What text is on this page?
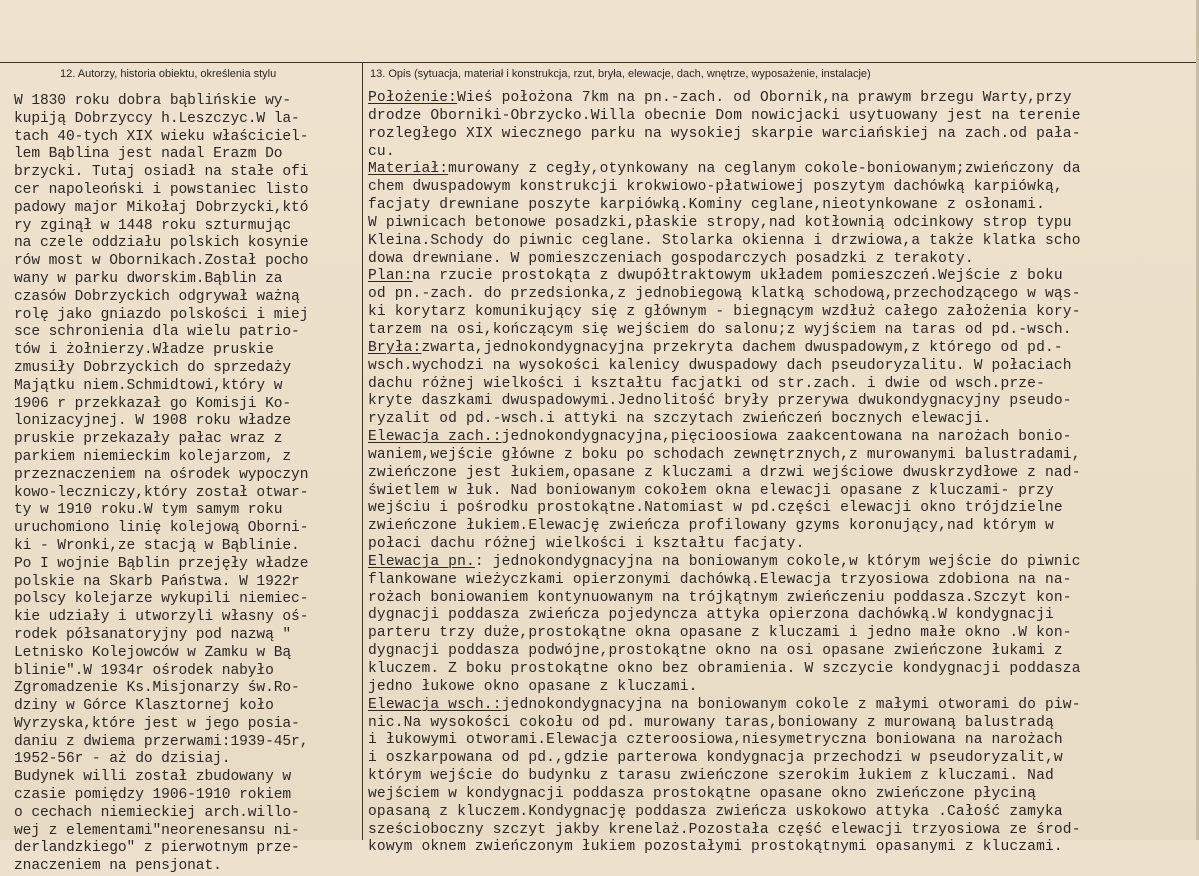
12. Autorzy, historia obiektu, określenia stylu	13. Opis (sytuacja, materiał i konstrukcja, rzut, bryła, elewacje, dach, wnętrze, wyposażenie, instalacje)
W 1830 roku dobra bąblińskie wy-
kupiją Dobrzyccy h.Leszczyc.W la-
tach 40-tych XIX wieku właściciel-
lem Bąblina jest nadal Erazm Do
brzycki. Tutaj osiadł na stałe ofi
cer napoleoński i powstaniec listo
padowy major Mikołaj Dobrzycki,któ
ry zginął w 1448 roku szturmując
na czele oddziału polskich kosynie
rów most w Obornikach.Został pocho
wany w parku dworskim.Bąblin za
czasów Dobrzyckich odgrywał ważną
rolę jako gniazdo polskości i miej
sce schronienia dla wielu patrio-
tów i żołnierzy.Władze pruskie
zmusiły Dobrzyckich do sprzedaży
Majątku niem.Schmidtowi,który w
1906 r przekkazał go Komisji Ko-
lonizacyjnej. W 1908 roku władze
pruskie przekazały pałac wraz z
parkiem niemieckim kolejarzom, z
przeznaczeniem na ośrodek wypoczyn
kowo-leczniczy,który został otwar-
ty w 1910 roku.W tym samym roku
uruchomiono linię kolejową Oborni-
ki - Wronki,ze stacją w Bąblinie.
Po I wojnie Bąblin przejęły władze
polskie na Skarb Państwa. W 1922r
polscy kolejarze wykupili niemiec-
kie udziały i utworzyli własny oś-
rodek półsanatoryjny pod nazwą "
Letnisko Kolejowców w Zamku w Bą
blinie".W 1934r ośrodek nabyło
Zgromadzenie Ks.Misjonarzy św.Ro-
dziny w Górce Klasztornej koło
Wyrzyska,które jest w jego posia-
daniu z dwiema przerwami:1939-45r,
1952-56r - aż do dzisiaj.
Budynek willi został zbudowany w
czasie pomiędzy 1906-1910 rokiem
o cechach niemieckiej arch.willo-
wej z elementami"neorenesansu ni-
derlandzkiego" z pierwotnym prze-
znaczeniem na pensjonat.
Położenie:Wieś położona 7km na pn.-zach. od Obornik,na prawym brzegu Warty,przy
drodze Oborniki-Obrzycko.Willa obecnie Dom nowicjacki usytuowany jest na terenie
rozległego XIX wiecznego parku na wysokiej skarpie warciańskiej na zach.od pała-
cu.
Materiał:murowany z cegły,otynkowany na ceglanym cokole-boniowanym;zwieńczony da
chem dwuspadowym konstrukcji krokwiowo-płatwiowej poszytym dachówką karpiówką,
facjaty drewniane poszyte karpiówką.Kominy ceglane,nieotynkowane z osłonami.
W piwnicach betonowe posadzki,płaskie stropy,nad kotłownią odcinkowy strop typu
Kleina.Schody do piwnic ceglane. Stolarka okienna i drzwiowa,a także klatka scho
dowa drewniane. W pomieszczeniach gospodarczych posadzki z terakoty.
Plan:na rzucie prostokąta z dwupółtraktowym układem pomieszczeń.Wejście z boku
od pn.-zach. do przedsionka,z jednobiegową klatką schodową,przechodzącego w wąs-
ki korytarz komunikujący się z głównym - biegnącym wzdłuż całego założenia kory-
tarzem na osi,kończącym się wejściem do salonu;z wyjściem na taras od pd.-wsch.
Bryła:zwarta,jednokondygnacyjna przekryta dachem dwuspadowym,z którego od pd.-
wsch.wychodzi na wysokości kalenicy dwuspadowy dach pseudoryzalitu. W połaciach
dachu różnej wielkości i kształtu facjatki od str.zach. i dwie od wsch.prze-
kryte daszkami dwuspadowymi.Jednolitość bryły przerywa dwukondygnacyjny pseudo-
ryzalit od pd.-wsch.i attyki na szczytach zwieńczeń bocznych elewacji.
Elewacja zach.:jednokondygnacyjna,pięcioosiowa zaakcentowana na narożach bonio-
waniem,wejście główne z boku po schodach zewnętrznych,z murowanymi balustradami,
zwieńczone jest łukiem,opasane z kluczami a drzwi wejściowe dwuskrzydłowe z nad-
świetlem w łuk. Nad boniowanym cokołem okna elewacji opasane z kluczami- przy
wejściu i pośrodku prostokątne.Natomiast w pd.części elewacji okno trójdzielne
zwieńczone łukiem.Elewację zwieńcza profilowany gzyms koronujący,nad którym w
połaci dachu różnej wielkości i kształtu facjaty.
Elewacja pn.: jednokondygnacyjna na boniowanym cokole,w którym wejście do piwnic
flankowane wieżyczkami opierzonymi dachówką.Elewacja trzyosiowa zdobiona na na-
rożach boniowaniem kontynuowanym na trójkątnym zwieńczeniu poddasza.Szczyt kon-
dygnacji poddasza zwieńcza pojedyncza attyka opierzona dachówką.W kondygnacji
parteru trzy duże,prostokątne okna opasane z kluczami i jedno małe okno .W kon-
dygnacji poddasza podwójne,prostokątne okno na osi opasane zwieńczone łukami z
kluczem. Z boku prostokątne okno bez obramienia. W szczycie kondygnacji poddasza
jedno łukowe okno opasane z kluczami.
Elewacja wsch.:jednokondygnacyjna na boniowanym cokole z małymi otworami do piw-
nic.Na wysokości cokołu od pd. murowany taras,boniowany z murowaną balustradą
i łukowymi otworami.Elewacja czteroosiowa,niesymetryczna boniowana na narożach
i oszkarpowana od pd.,gdzie parterowa kondygnacja przechodzi w pseudoryzalit,w
którym wejście do budynku z tarasu zwieńczone szerokim łukiem z kluczami. Nad
wejściem w kondygnacji poddasza prostokątne opasane okno zwieńczone płyciną
opasaną z kluczem.Kondygnację poddasza zwieńcza uskokowo attyka .Całość zamyka
sześcioboczny szczyt jakby krenelaż.Pozostała część elewacji trzyosiowa ze środ-
kowym oknem zwieńczonym łukiem pozostałymi prostokątnymi opasanymi z kluczami.
